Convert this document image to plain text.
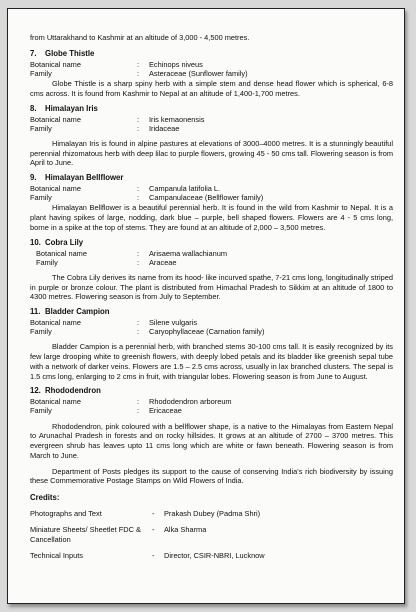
from Uttarakhand to Kashmir at an altitude of 3,000 - 4,500 metres.

7. Globe Thistle
Botanical name	:	Echinops niveus
Family	:	Asteraceae (Sunflower family)

Globe Thistle is a sharp spiny herb with a simple stem and dense head flower which is spherical, 6-8 cms across. It is found from Kashmir to Nepal at an altitude of 1,400-1,700 metres.

8. Himalayan Iris
Botanical name	:	Iris kemaonensis
Family	:	Iridaceae

Himalayan Iris is found in alpine pastures at elevations of 3000–4000 metres. It is a stunningly beautiful perennial rhizomatous herb with deep lilac to purple flowers, growing 45 - 50 cms tall. Flowering season is from April to June.

9. Himalayan Bellflower
Botanical name	:	Campanula latifolia L.
Family	:	Campanulaceae (Bellflower family)

Himalayan Bellflower is a beautiful perennial herb. It is found in the wild from Kashmir to Nepal. It is a plant having spikes of large, nodding, dark blue – purple, bell shaped flowers. Flowers are 4 - 5 cms long, borne in a spike at the top of stems. They are found at an altitude of 2,000 – 3,500 metres.

10. Cobra Lily
Botanical name	:	Arisaema wallachianum
Family	:	Araceae

The Cobra Lily derives its name from its hood- like incurved spathe, 7-21 cms long, longitudinally striped in purple or bronze colour. The plant is distributed from Himachal Pradesh to Sikkim at an altitude of 1800 to 4300 metres. Flowering season is from July to September.

11. Bladder Campion
Botanical name	:	Silene vulgaris
Family	:	Caryophyllaceae (Carnation family)

Bladder Campion is a perennial herb, with branched stems 30-100 cms tall. It is easily recognized by its few large drooping white to greenish flowers, with deeply lobed petals and its bladder like greenish sepal tube with a network of darker veins. Flowers are 1.5 – 2.5 cms across, usually in lax branched clusters. The sepal is 1.5 cms long, enlarging to 2 cms in fruit, with triangular lobes. Flowering season is from June to August.

12. Rhododendron
Botanical name	:	Rhododendron arboreum
Family	:	Ericaceae

Rhododendron, pink coloured with a bellflower shape, is a native to the Himalayas from Eastern Nepal to Arunachal Pradesh in forests and on rocky hillsides. It grows at an altitude of 2700 – 3700 metres. This evergreen shrub has leaves upto 11 cms long which are white or fawn beneath. Flowering season is from March to June.

Department of Posts pledges its support to the cause of conserving India's rich biodiversity by issuing these Commemorative Postage Stamps on Wild Flowers of India.

Credits:
Photographs and Text	-	Prakash Dubey (Padma Shri)
Miniature Sheets/ Sheetlet FDC & Cancellation
-	Alka Sharma
Technical Inputs	-	Director, CSIR-NBRI, Lucknow
